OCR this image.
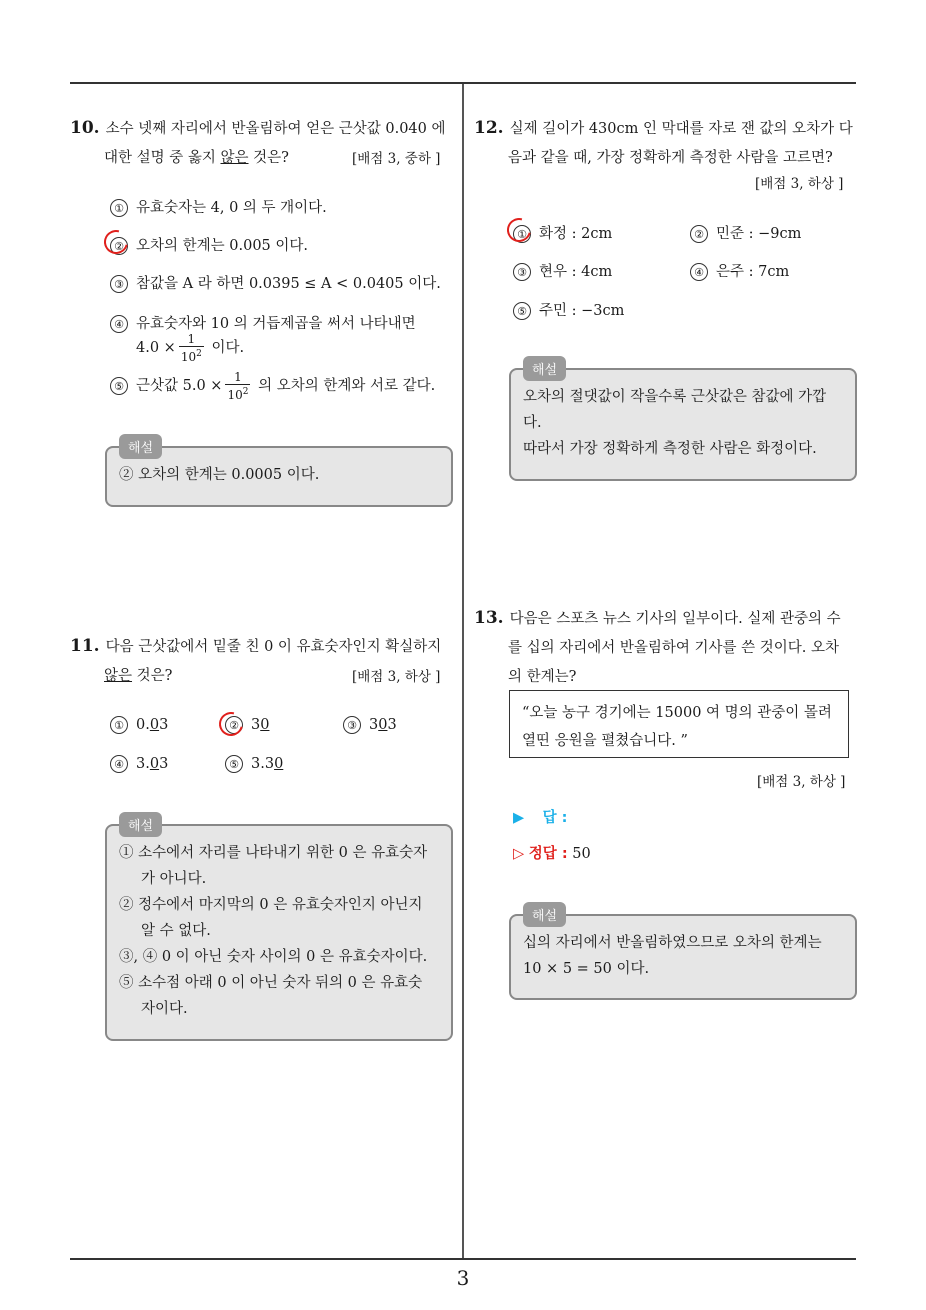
3
10. 소수 넷째 자리에서 반올림하여 얻은 근삿값 0.040 에
대한 설명 중 옳지 않은 것은?	[배점 3, 중하 ]
① 유효숫자는 4, 0 의 두 개이다.
② 오차의 한계는 0.005 이다.
③ 참값을 A 라 하면 0.0395 ≤ A < 0.0405 이다.
④ 유효숫자와 10 의 거듭제곱을 써서 나타내면
$4.0 \times \frac{1}{10^2}$ 이다.
⑤ 근삿값 $5.0 \times \frac{1}{10^2}$ 의 오차의 한계와 서로 같다.
해설
② 오차의 한계는 0.0005 이다.
11. 다음 근삿값에서 밑줄 친 0 이 유효숫자인지 확실하지
않은 것은?	[배점 3, 하상 ]
① 0.03	② 30	③ 303
④ 3.03	⑤ 3.30
해설
① 소수에서 자리를 나타내기 위한 0 은 유효숫자
가 아니다.
② 정수에서 마지막의 0 은 유효숫자인지 아닌지
알 수 없다.
③, ④ 0 이 아닌 숫자 사이의 0 은 유효숫자이다.
⑤ 소수점 아래 0 이 아닌 숫자 뒤의 0 은 유효숫
자이다.
12. 실제 길이가 430cm 인 막대를 자로 잰 값의 오차가 다
음과 같을 때, 가장 정확하게 측정한 사람을 고르면?
[배점 3, 하상 ]
① 화정 : 2cm	② 민준 : −9cm
③ 현우 : 4cm	④ 은주 : 7cm
⑤ 주민 : −3cm
해설
오차의 절댓값이 작을수록 근삿값은 참값에 가깝
다.
따라서 가장 정확하게 측정한 사람은 화정이다.
13. 다음은 스포츠 뉴스 기사의 일부이다. 실제 관중의 수
를 십의 자리에서 반올림하여 기사를 쓴 것이다. 오차
의 한계는?
“오늘 농구 경기에는 15000 여 명의 관중이 몰려
열띤 응원을 펼쳤습니다. ”
[배점 3, 하상 ]
▶ 답 :
▷ 정답 : 50
해설
십의 자리에서 반올림하였으므로 오차의 한계는
10 × 5 = 50 이다.
